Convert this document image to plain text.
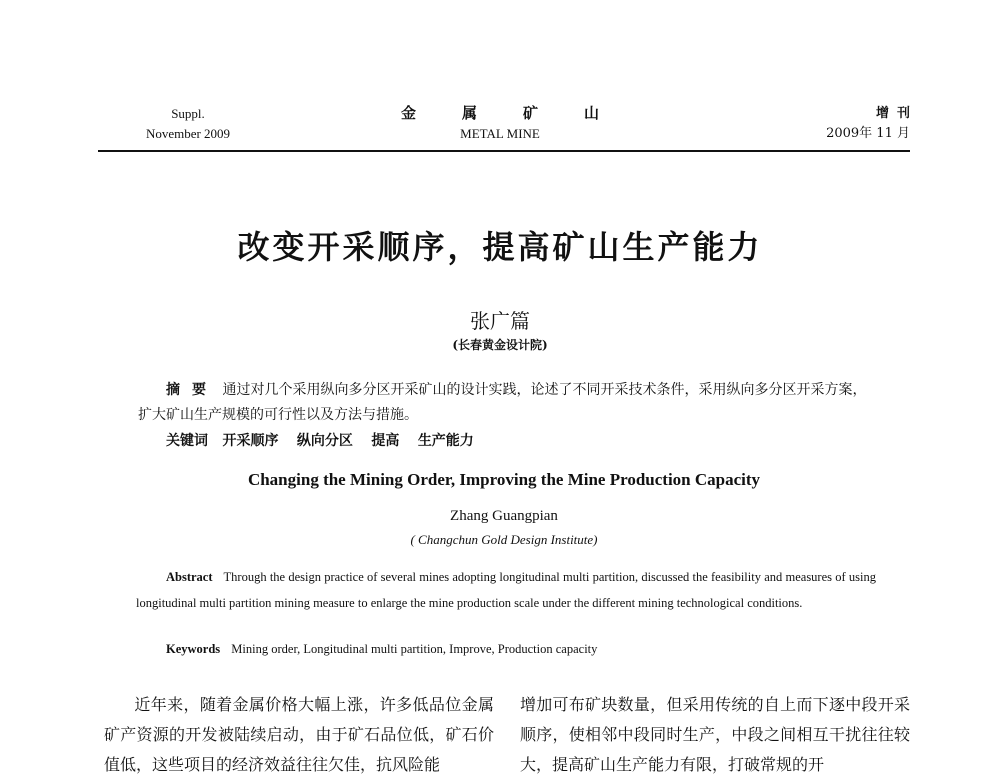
Suppl.
November 2009
金属矿山
METAL MINE
增刊
2009年 11 月
改变开采顺序，提高矿山生产能力
张广篇
(长春黄金设计院)
摘要 通过对几个采用纵向多分区开采矿山的设计实践，论述了不同开采技术条件，采用纵向多分区开采方案，扩大矿山生产规模的可行性以及方法与措施。
关键词 开采顺序 纵向分区 提高 生产能力
Changing the Mining Order, Improving the Mine Production Capacity
Zhang Guangpian
( Changchun Gold Design Institute)
Abstract Through the design practice of several mines adopting longitudinal multi partition, discussed the feasibility and measures of using longitudinal multi partition mining measure to enlarge the mine production scale under the different mining technological conditions.
Keywords Mining order, Longitudinal multi partition, Improve, Production capacity
近年来，随着金属价格大幅上涨，许多低品位金属矿产资源的开发被陆续启动，由于矿石品位低，矿石价值低，这些项目的经济效益往往欠佳，抗风险能
增加可布矿块数量，但采用传统的自上而下逐中段开采顺序，使相邻中段同时生产，中段之间相互干扰往往较大，提高矿山生产能力有限，打破常规的开
